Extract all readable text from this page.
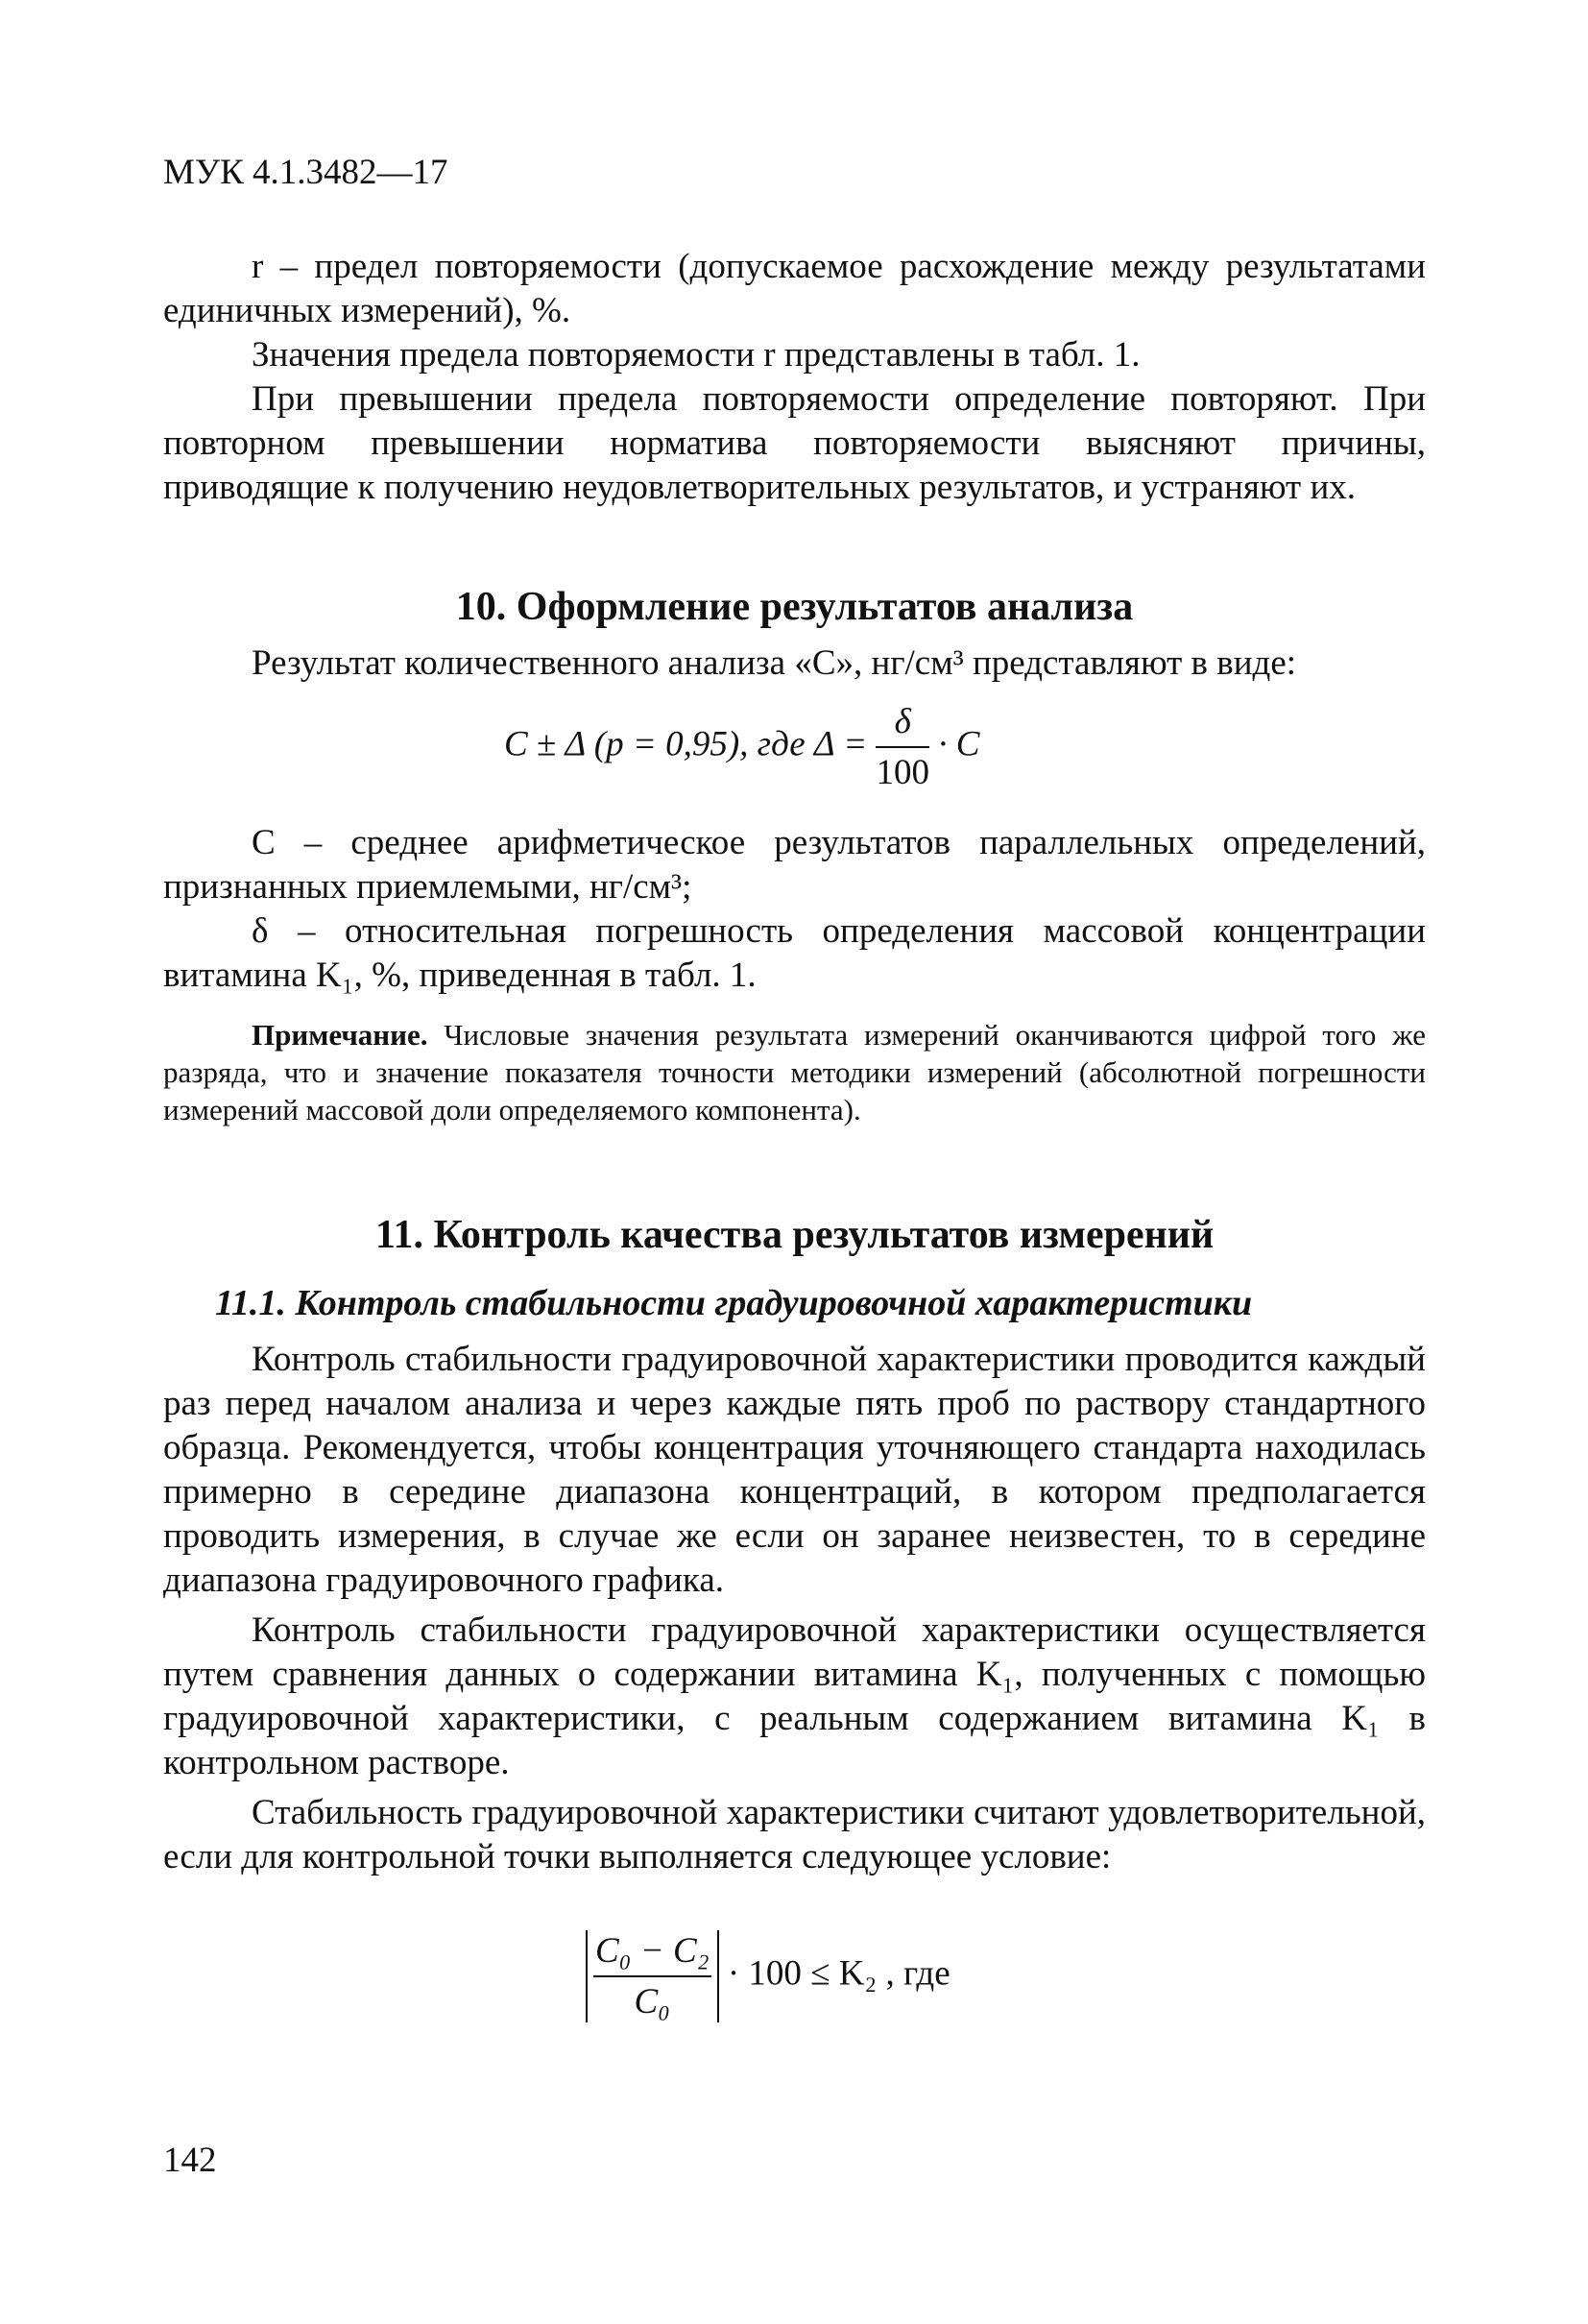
МУК 4.1.3482—17

r – предел повторяемости (допускаемое расхождение между результатами единичных измерений), %.

Значения предела повторяемости r представлены в табл. 1.

При превышении предела повторяемости определение повторяют. При повторном превышении норматива повторяемости выясняют причины, приводящие к получению неудовлетворительных результатов, и устраняют их.

10. Оформление результатов анализа

Результат количественного анализа «С», нг/см³ представляют в виде:

C ± Δ (p = 0,95), где $\Delta = \frac{\delta}{100} \cdot C$

С – среднее арифметическое результатов параллельных определений, признанных приемлемыми, нг/см³;

δ – относительная погрешность определения массовой концентрации витамина K₁, %, приведенная в табл. 1.

Примечание. Числовые значения результата измерений оканчиваются цифрой того же разряда, что и значение показателя точности методики измерений (абсолютной погрешности измерений массовой доли определяемого компонента).

11. Контроль качества результатов измерений
11.1. Контроль стабильности градуировочной характеристики

Контроль стабильности градуировочной характеристики проводится каждый раз перед началом анализа и через каждые пять проб по раствору стандартного образца. Рекомендуется, чтобы концентрация уточняющего стандарта находилась примерно в середине диапазона концентраций, в котором предполагается проводить измерения, в случае же если он заранее неизвестен, то в середине диапазона градуировочного графика.

Контроль стабильности градуировочной характеристики осуществляется путем сравнения данных о содержании витамина K₁, полученных с помощью градуировочной характеристики, с реальным содержанием витамина K₁ в контрольном растворе.

Стабильность градуировочной характеристики считают удовлетворительной, если для контрольной точки выполняется следующее условие:

$\frac{\text{C₀ − C₂}}{\text{C₀}} \cdot 100 \le K_2$ , где
142
